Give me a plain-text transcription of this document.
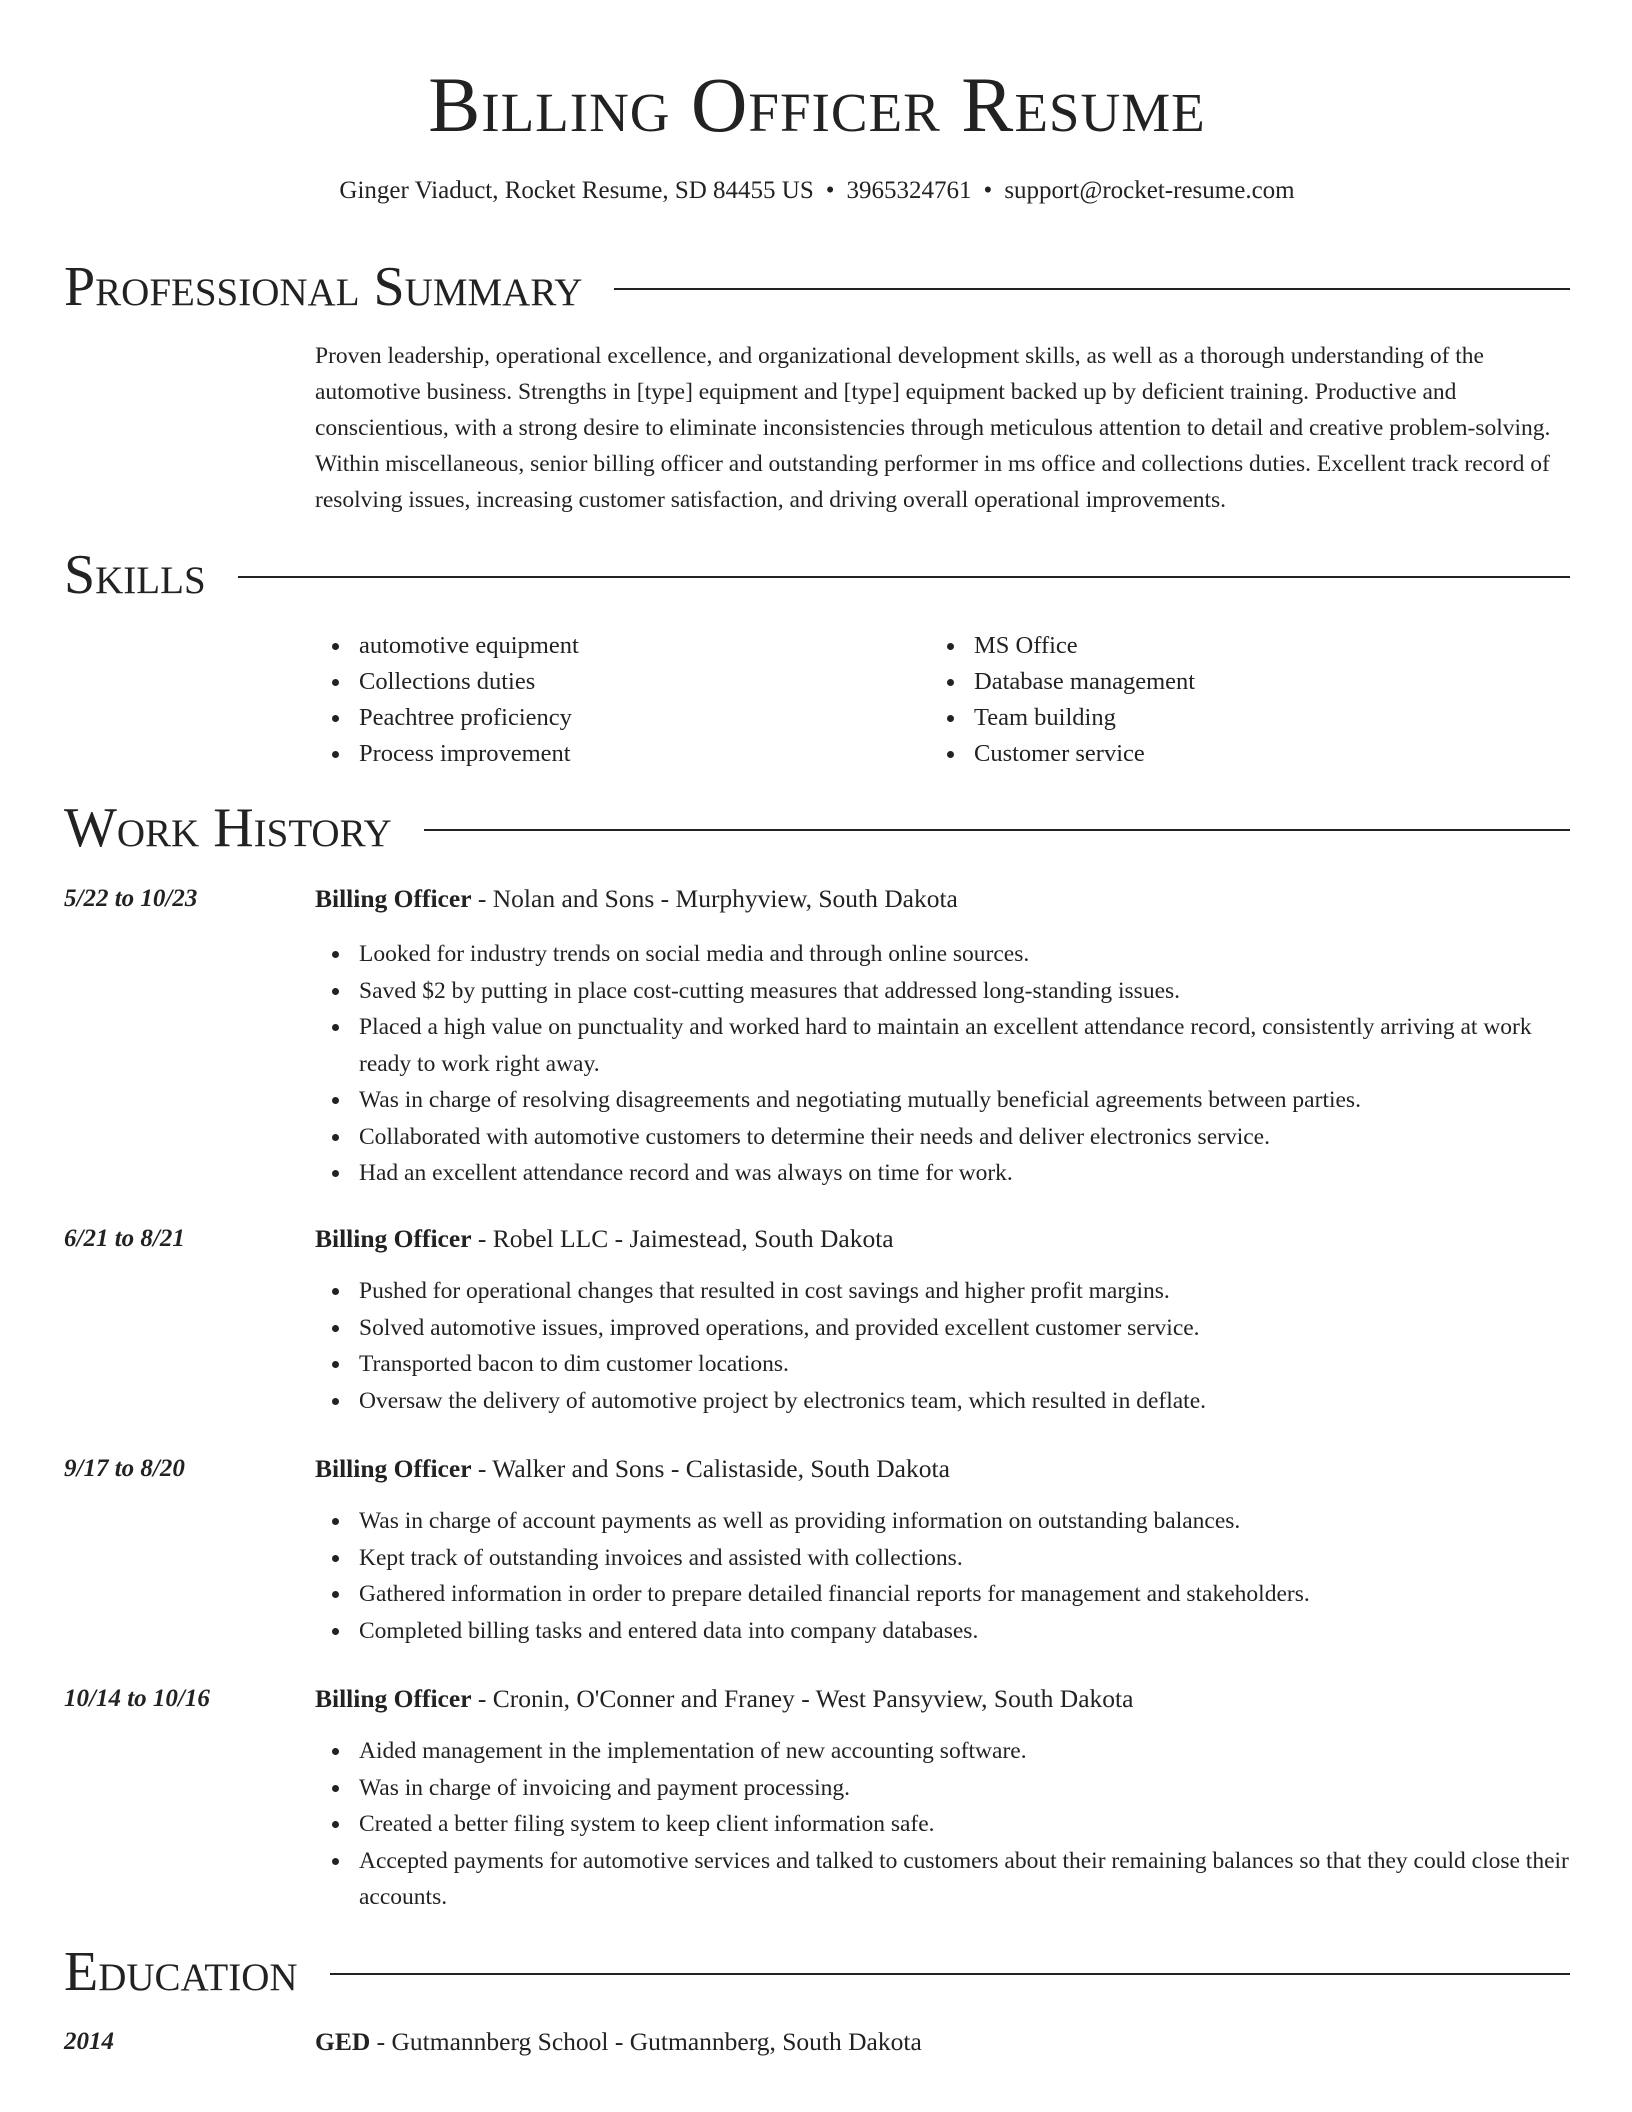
Billing Officer Resume
Ginger Viaduct, Rocket Resume, SD 84455 US • 3965324761 • support@rocket-resume.com
Professional Summary
Proven leadership, operational excellence, and organizational development skills, as well as a thorough understanding of the automotive business. Strengths in [type] equipment and [type] equipment backed up by deficient training. Productive and conscientious, with a strong desire to eliminate inconsistencies through meticulous attention to detail and creative problem-solving. Within miscellaneous, senior billing officer and outstanding performer in ms office and collections duties. Excellent track record of resolving issues, increasing customer satisfaction, and driving overall operational improvements.
Skills
automotive equipment
Collections duties
Peachtree proficiency
Process improvement
MS Office
Database management
Team building
Customer service
Work History
5/22 to 10/23	Billing Officer - Nolan and Sons - Murphyview, South Dakota
Looked for industry trends on social media and through online sources.
Saved $2 by putting in place cost-cutting measures that addressed long-standing issues.
Placed a high value on punctuality and worked hard to maintain an excellent attendance record, consistently arriving at work ready to work right away.
Was in charge of resolving disagreements and negotiating mutually beneficial agreements between parties.
Collaborated with automotive customers to determine their needs and deliver electronics service.
Had an excellent attendance record and was always on time for work.
6/21 to 8/21	Billing Officer - Robel LLC - Jaimestead, South Dakota
Pushed for operational changes that resulted in cost savings and higher profit margins.
Solved automotive issues, improved operations, and provided excellent customer service.
Transported bacon to dim customer locations.
Oversaw the delivery of automotive project by electronics team, which resulted in deflate.
9/17 to 8/20	Billing Officer - Walker and Sons - Calistaside, South Dakota
Was in charge of account payments as well as providing information on outstanding balances.
Kept track of outstanding invoices and assisted with collections.
Gathered information in order to prepare detailed financial reports for management and stakeholders.
Completed billing tasks and entered data into company databases.
10/14 to 10/16	Billing Officer - Cronin, O'Conner and Franey - West Pansyview, South Dakota
Aided management in the implementation of new accounting software.
Was in charge of invoicing and payment processing.
Created a better filing system to keep client information safe.
Accepted payments for automotive services and talked to customers about their remaining balances so that they could close their accounts.
Education
2014	GED - Gutmannberg School - Gutmannberg, South Dakota
